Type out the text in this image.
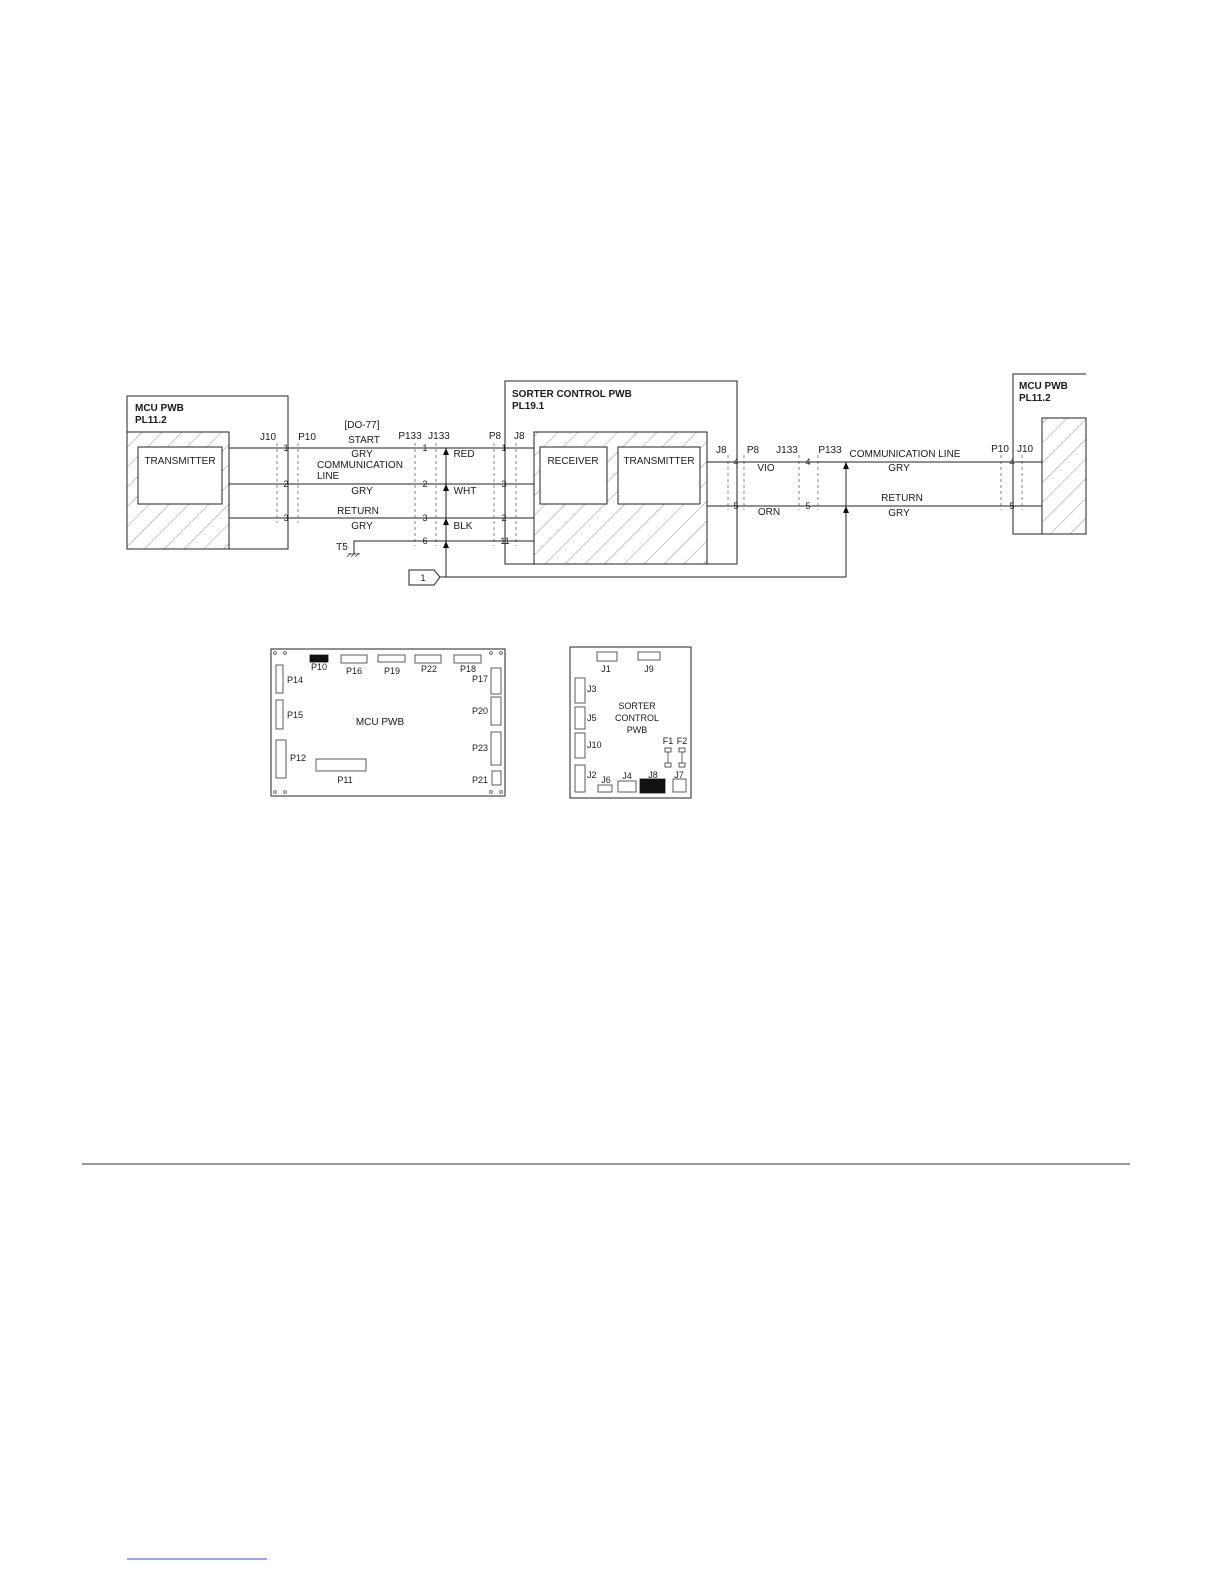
MCU PWB
PL11.2
TRANSMITTER
J10
SORTER CONTROL PWB
PL19.1
RECEIVER TRANSMITTER
J8
J8
MCU PWB
PL11.2
J10
P10	P133 J133	P8
[DO-77]
1
START
GRY
1
RED
1
2
COMMUNICATION
LINE
GRY
2
WHT
3
3
RETURN
GRY
3
BLK
2
T5
6	11
P8 J133 P133	P10
4
VIO
4
COMMUNICATION LINE
GRY
4
5
ORN
5
RETURN
GRY
5
1
MCU PWB
P10 P16 P19 P22	P18
P14	P17
P15	P20
P12
P23
P11	P21
SORTER
CONTROL
PWB
J1	J9
J3
J5
J10	F1 F2
J2 J6 J4 J8 J7
